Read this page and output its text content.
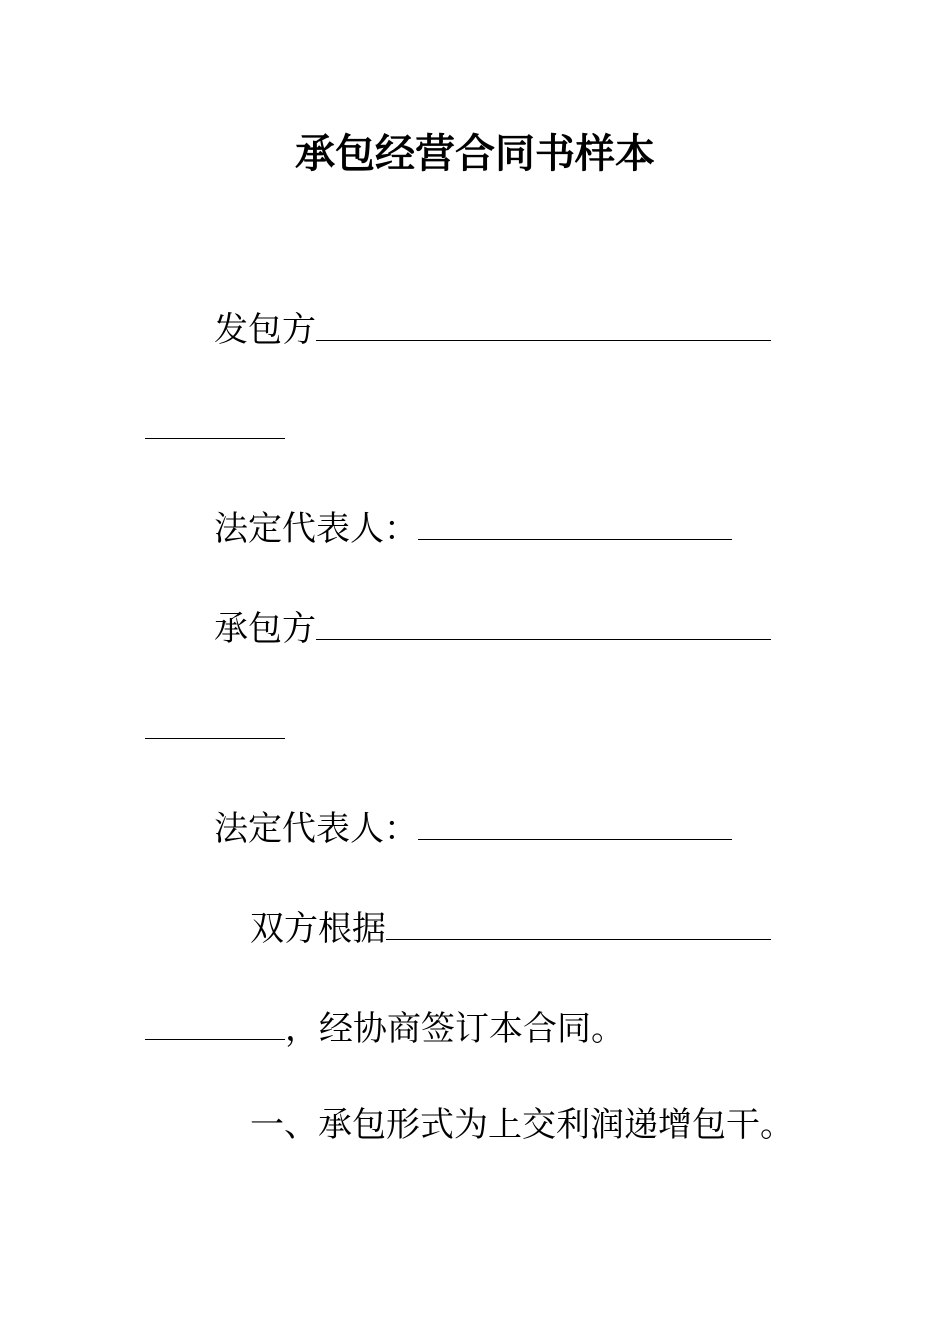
承包经营合同书样本
发包方
法定代表人：
承包方
法定代表人：
双方根据
，经协商签订本合同。
一、承包形式为上交利润递增包干。
